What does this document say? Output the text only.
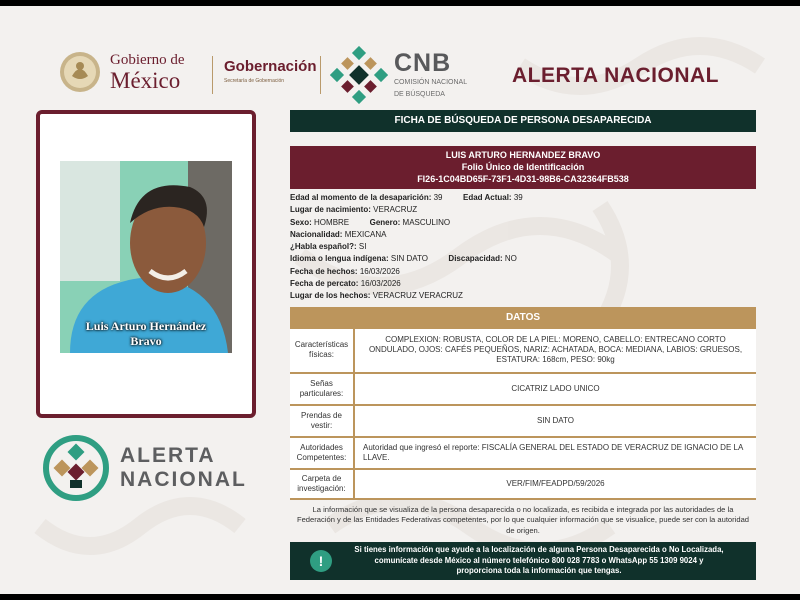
Gobierno de
México
Gobernación
Secretaría de Gobernación
CNB
COMISIÓN NACIONAL
DE BÚSQUEDA
ALERTA NACIONAL
Luis Arturo Hernández
Bravo
ALERTA
NACIONAL
FICHA DE BÚSQUEDA DE PERSONA DESAPARECIDA
LUIS ARTURO HERNANDEZ BRAVO
Folio Único de Identificación
FI26-1C04BD65F-73F1-4D31-98B6-CA32364FB538
Edad al momento de la desaparición: 39	Edad Actual: 39
Lugar de nacimiento: VERACRUZ
Sexo: HOMBRE	Genero: MASCULINO
Nacionalidad: MEXICANA
¿Habla español?: SI
Idioma o lengua indígena: SIN DATO	Discapacidad: NO
Fecha de hechos: 16/03/2026
Fecha de percato: 16/03/2026
Lugar de los hechos: VERACRUZ VERACRUZ
DATOS
Características físicas:	COMPLEXION: ROBUSTA, COLOR DE LA PIEL: MORENO, CABELLO: ENTRECANO CORTO ONDULADO, OJOS: CAFÉS PEQUEÑOS, NARIZ: ACHATADA, BOCA: MEDIANA, LABIOS: GRUESOS, ESTATURA: 168cm, PESO: 90kg
Señas particulares:	CICATRIZ LADO UNICO
Prendas de vestir:	SIN DATO
Autoridades Competentes:	Autoridad que ingresó el reporte: FISCALÍA GENERAL DEL ESTADO DE VERACRUZ DE IGNACIO DE LA LLAVE.
Carpeta de investigación:	VER/FIM/FEADPD/59/2026
La información que se visualiza de la persona desaparecida o no localizada, es recibida e integrada por las autoridades de la Federación y de las Entidades Federativas competentes, por lo que cualquier información que se visualice, puede ser con la autoridad de origen.
!
Si tienes información que ayude a la localización de alguna Persona Desaparecida o No Localizada,
comunícate desde México al número telefónico 800 028 7783 o WhatsApp 55 1309 9024 y
proporciona toda la información que tengas.
